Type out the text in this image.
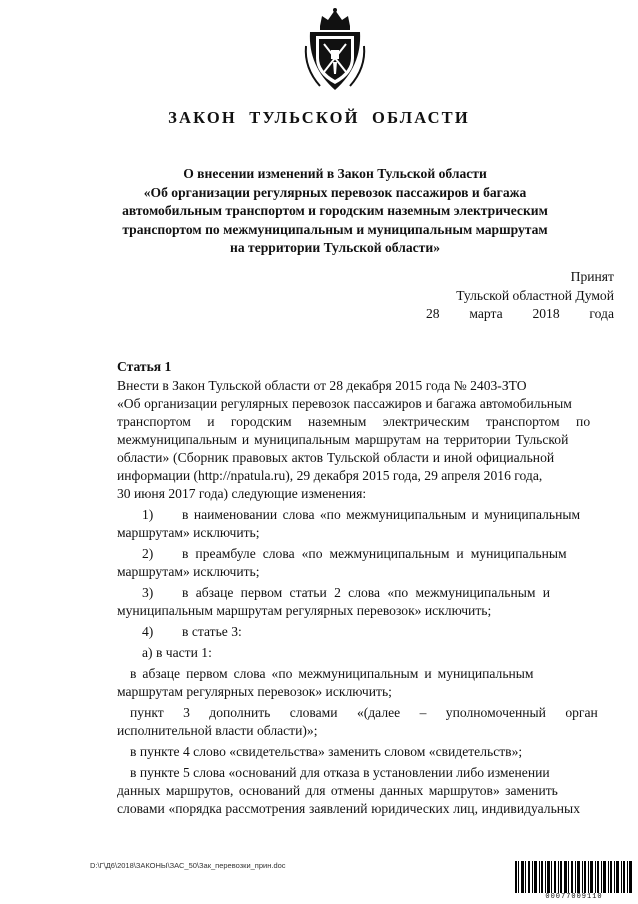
ЗАКОН ТУЛЬСКОЙ ОБЛАСТИ
О внесении изменений в Закон Тульской области
«Об организации регулярных перевозок пассажиров и багажа
автомобильным транспортом и городским наземным электрическим
транспортом по межмуниципальным и муниципальным маршрутам
на территории Тульской области»
Принят
Тульской областной Думой
28 марта 2018 года
Статья 1

Внести в Закон Тульской области от 28 декабря 2015 года № 2403-ЗТО

«Об организации регулярных перевозок пассажиров и багажа автомобильным

транспортом и городским наземным электрическим транспортом по

межмуниципальным и муниципальным маршрутам на территории Тульской

области» (Сборник правовых актов Тульской области и иной официальной

информации (http://npatula.ru), 29 декабря 2015 года, 29 апреля 2016 года,

30 июня 2017 года) следующие изменения:

1) в наименовании слова «по межмуниципальным и муниципальным

маршрутам» исключить;

2) в преамбуле слова «по межмуниципальным и муниципальным

маршрутам» исключить;

3) в абзаце первом статьи 2 слова «по межмуниципальным и

муниципальным маршрутам регулярных перевозок» исключить;

4) в статье 3:

а) в части 1:

в абзаце первом слова «по межмуниципальным и муниципальным

маршрутам регулярных перевозок» исключить;

пункт 3 дополнить словами «(далее – уполномоченный орган

исполнительной власти области)»;

в пункте 4 слово «свидетельства» заменить словом «свидетельств»;

в пункте 5 слова «оснований для отказа в установлении либо изменении

данных маршрутов, оснований для отмены данных маршрутов» заменить

словами «порядка рассмотрения заявлений юридических лиц, индивидуальных

D:\Г\Д6\2018\ЗАКОНЫ\ЗАС_50\Зак_перевозки_прин.doc
00077009110
